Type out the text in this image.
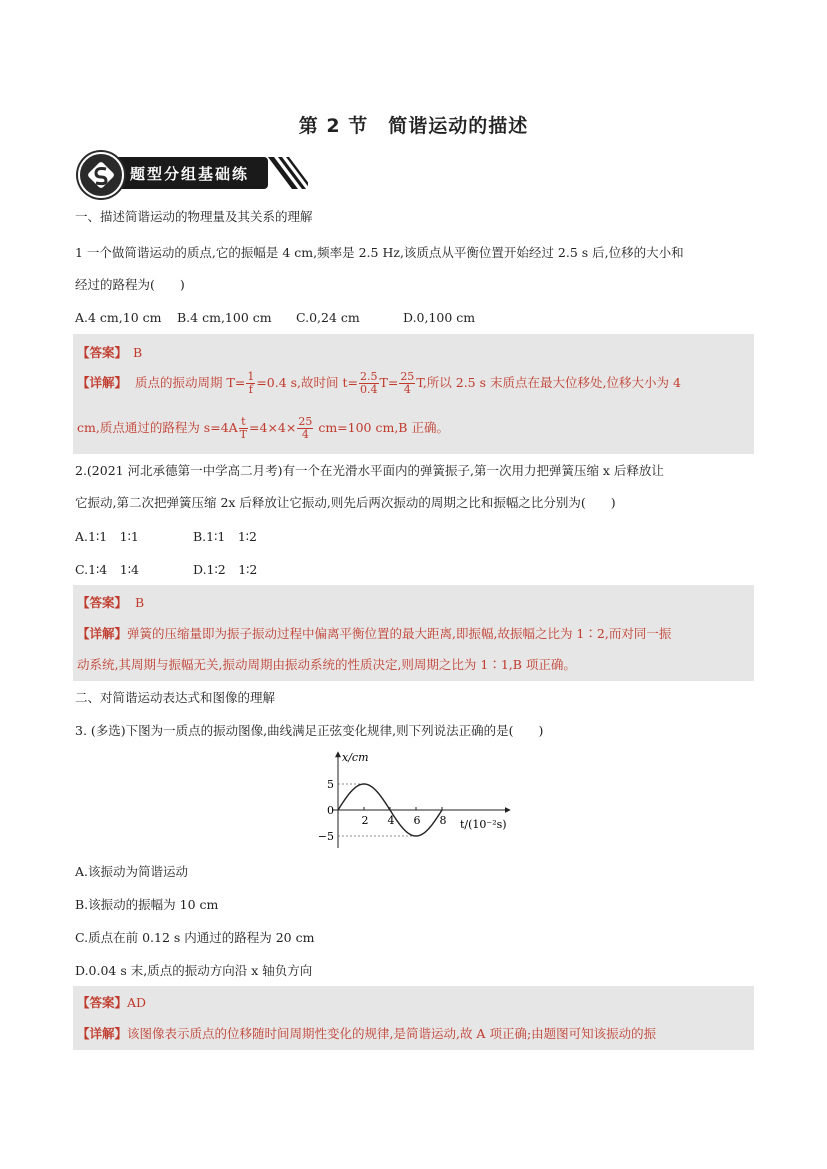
第 2 节 简谐运动的描述
题型分组基础练
一、描述简谐运动的物理量及其关系的理解
1 一个做简谐运动的质点,它的振幅是 4 cm,频率是 2.5 Hz,该质点从平衡位置开始经过 2.5 s 后,位移的大小和
经过的路程为(　　)
A.4 cm,10 cm B.4 cm,100 cm C.0,24 cm	D.0,100 cm
【答案】 B
【详解】 质点的振动周期 $T= \frac{1}{f} =0.4$ s,故时间 $t= \frac{2.5}{0.4} T= \frac{25}{4} T$,所以 2.5 s 末质点在最大位移处,位移大小为 4
cm,质点通过的路程为 $s=4A \frac{t}{T} =4\times 4\times \frac{25}{4} cm=100$ cm,B 正确。
2.(2021 河北承德第一中学高二月考)有一个在光滑水平面内的弹簧振子,第一次用力把弹簧压缩 x 后释放让
它振动,第二次把弹簧压缩 2x 后释放让它振动,则先后两次振动的周期之比和振幅之比分别为(　　)
A.1∶1　1∶1	B.1∶1　1∶2
C.1∶4　1∶4	D.1∶2　1∶2
【答案】 B
【详解】弹簧的压缩量即为振子振动过程中偏离平衡位置的最大距离,即振幅,故振幅之比为 1∶2,而对同一振
动系统,其周期与振幅无关,振动周期由振动系统的性质决定,则周期之比为 1∶1,B 项正确。
二、对简谐运动表达式和图像的理解
3. (多选)下图为一质点的振动图像,曲线满足正弦变化规律,则下列说法正确的是(　　)
x/cm
t/(10⁻²s)
2 4 6 8
5
0
−5
A.该振动为简谐运动
B.该振动的振幅为 10 cm
C.质点在前 0.12 s 内通过的路程为 20 cm
D.0.04 s 末,质点的振动方向沿 x 轴负方向
【答案】AD
【详解】该图像表示质点的位移随时间周期性变化的规律,是简谐运动,故 A 项正确;由题图可知该振动的振
